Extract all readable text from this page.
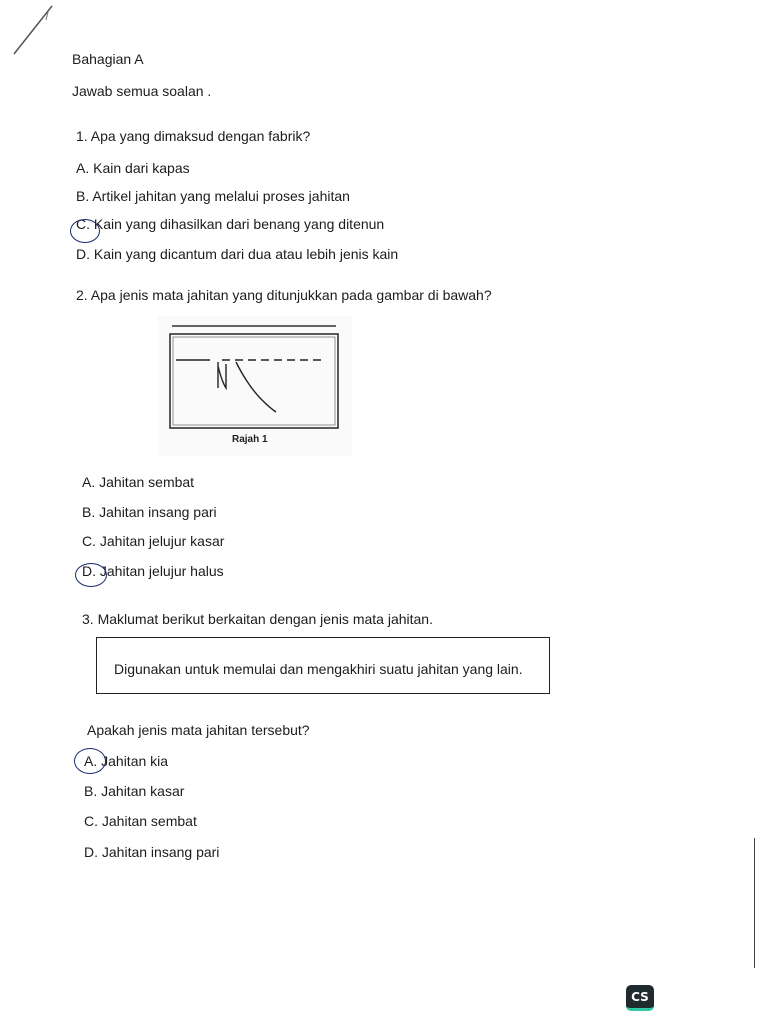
Bahagian A
Jawab semua soalan .
1. Apa yang dimaksud dengan fabrik?
A. Kain dari kapas
B. Artikel jahitan yang melalui proses jahitan
C. Kain yang dihasilkan dari benang yang ditenun
D. Kain yang dicantum dari dua atau lebih jenis kain
2. Apa jenis mata jahitan yang ditunjukkan pada gambar di bawah?
Rajah 1
A. Jahitan sembat
B. Jahitan insang pari
C. Jahitan jelujur kasar
D. Jahitan jelujur halus
3. Maklumat berikut berkaitan dengan jenis mata jahitan.
Digunakan untuk memulai dan mengakhiri suatu jahitan yang lain.
Apakah jenis mata jahitan tersebut?
A. Jahitan kia
B. Jahitan kasar
C. Jahitan sembat
D. Jahitan insang pari
CS
